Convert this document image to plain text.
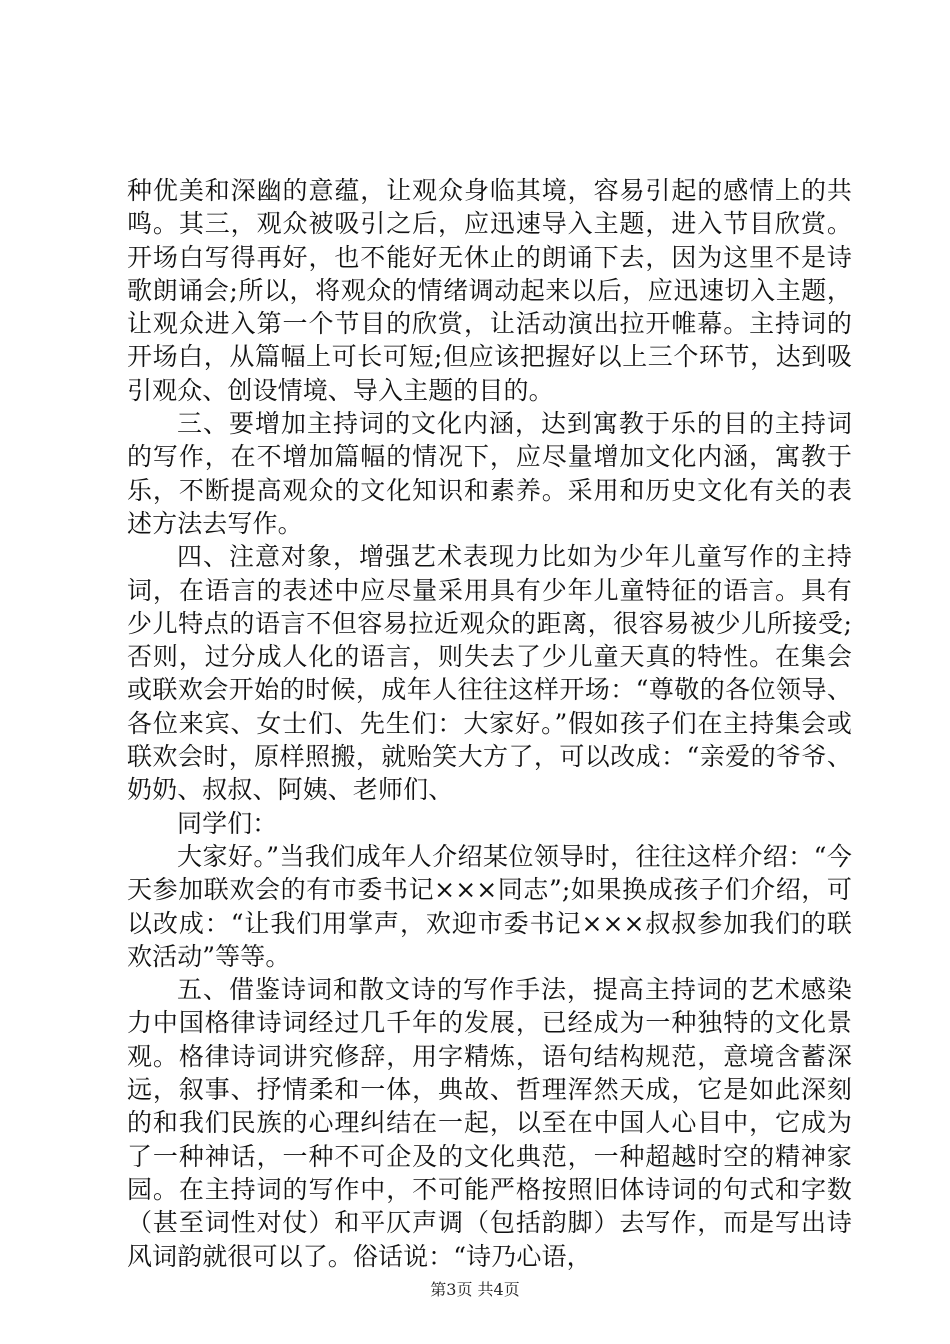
种优美和深幽的意蕴，让观众身临其境，容易引起的感情上的共鸣。其三，观众被吸引之后，应迅速导入主题，进入节目欣赏。开场白写得再好，也不能好无休止的朗诵下去，因为这里不是诗歌朗诵会;所以，将观众的情绪调动起来以后，应迅速切入主题，让观众进入第一个节目的欣赏，让活动演出拉开帷幕。主持词的开场白，从篇幅上可长可短;但应该把握好以上三个环节，达到吸引观众、创设情境、导入主题的目的。

三、要增加主持词的文化内涵，达到寓教于乐的目的主持词的写作，在不增加篇幅的情况下，应尽量增加文化内涵，寓教于乐，不断提高观众的文化知识和素养。采用和历史文化有关的表述方法去写作。

四、注意对象，增强艺术表现力比如为少年儿童写作的主持词，在语言的表述中应尽量采用具有少年儿童特征的语言。具有少儿特点的语言不但容易拉近观众的距离，很容易被少儿所接受;否则，过分成人化的语言，则失去了少儿童天真的特性。在集会或联欢会开始的时候，成年人往往这样开场：“尊敬的各位领导、各位来宾、女士们、先生们：大家好。”假如孩子们在主持集会或联欢会时，原样照搬，就贻笑大方了，可以改成：“亲爱的爷爷、奶奶、叔叔、阿姨、老师们、

同学们：

大家好。”当我们成年人介绍某位领导时，往往这样介绍：“今天参加联欢会的有市委书记×××同志”;如果换成孩子们介绍，可以改成：“让我们用掌声，欢迎市委书记×××叔叔参加我们的联欢活动”等等。

五、借鉴诗词和散文诗的写作手法，提高主持词的艺术感染力中国格律诗词经过几千年的发展，已经成为一种独特的文化景观。格律诗词讲究修辞，用字精炼，语句结构规范，意境含蓄深远，叙事、抒情柔和一体，典故、哲理浑然天成，它是如此深刻的和我们民族的心理纠结在一起，以至在中国人心目中，它成为了一种神话，一种不可企及的文化典范，一种超越时空的精神家园。在主持词的写作中，不可能严格按照旧体诗词的句式和字数（甚至词性对仗）和平仄声调（包括韵脚）去写作，而是写出诗风词韵就很可以了。俗话说：“诗乃心语，

第3页 共4页
